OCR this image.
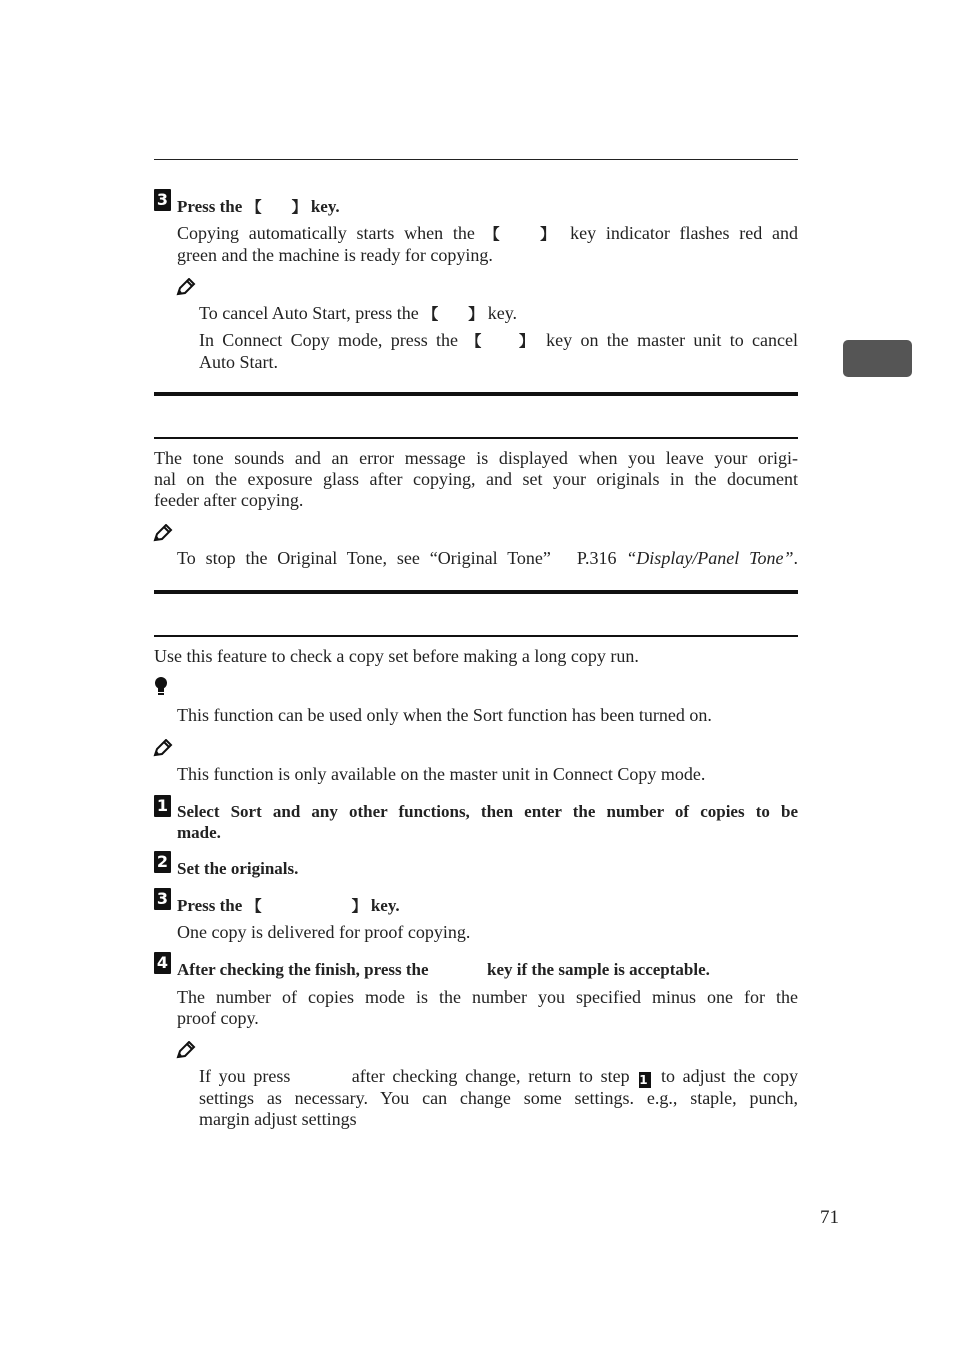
3 Press the 【 】 key.
Copying automatically starts when the 【 】 key indicator flashes red and
green and the machine is ready for copying.
To cancel Auto Start, press the 【 】 key.
In Connect Copy mode, press the 【 】 key on the master unit to cancel
Auto Start.
The tone sounds and an error message is displayed when you leave your origi-
nal on the exposure glass after copying, and set your originals in the document
feeder after copying.
To stop the Original Tone, see “Original Tone” P.316 “Display/Panel Tone”.
Use this feature to check a copy set before making a long copy run.
This function can be used only when the Sort function has been turned on.
This function is only available on the master unit in Connect Copy mode.
1 Select Sort and any other functions, then enter the number of copies to be
made.
2 Set the originals.
3 Press the 【	】 key.
One copy is delivered for proof copying.
4 After checking the finish, press the	key if the sample is acceptable.
The number of copies mode is the number you specified minus one for the
proof copy.
If you press	after checking change, return to step 1 to adjust the copy
settings as necessary. You can change some settings. e.g., staple, punch,
margin adjust settings
71
